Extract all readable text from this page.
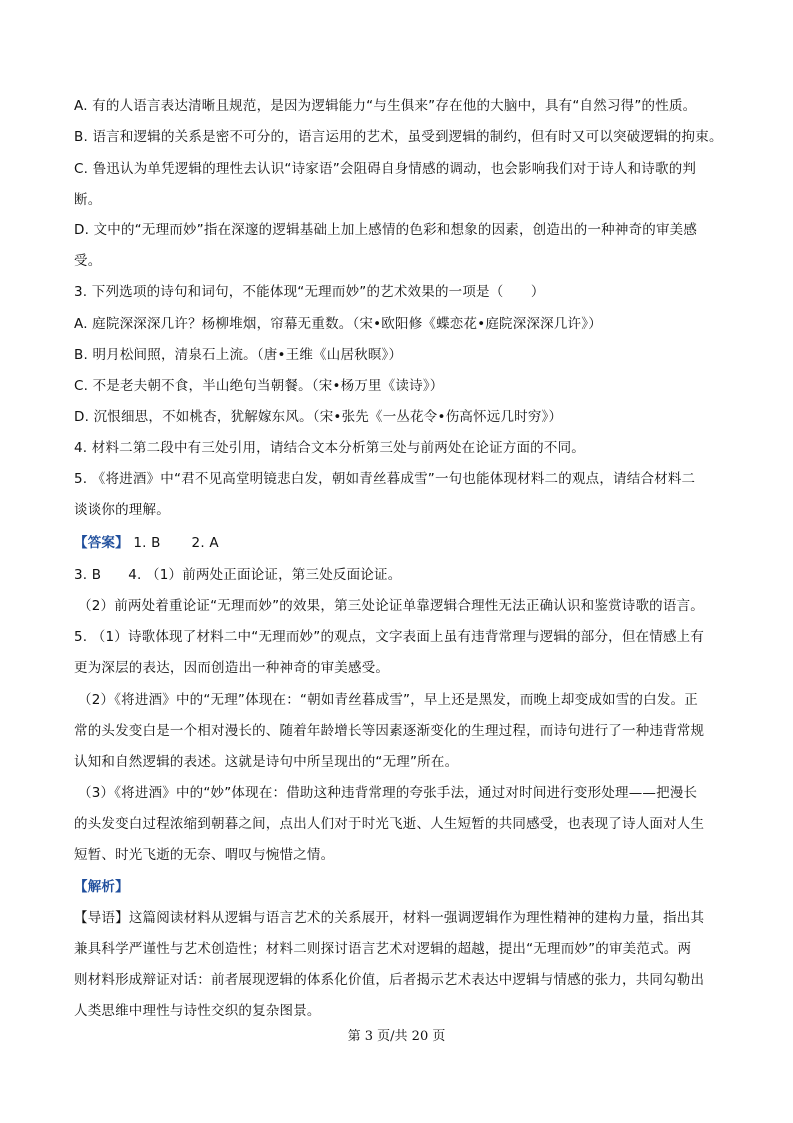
A. 有的人语言表达清晰且规范，是因为逻辑能力“与生俱来”存在他的大脑中，具有“自然习得”的性质。
B. 语言和逻辑的关系是密不可分的，语言运用的艺术，虽受到逻辑的制约，但有时又可以突破逻辑的拘束。
C. 鲁迅认为单凭逻辑的理性去认识“诗家语”会阻碍自身情感的调动，也会影响我们对于诗人和诗歌的判
断。
D. 文中的“无理而妙”指在深邃的逻辑基础上加上感情的色彩和想象的因素，创造出的一种神奇的审美感
受。
3. 下列选项的诗句和词句，不能体现“无理而妙”的艺术效果的一项是（　　）
A. 庭院深深深几许？杨柳堆烟，帘幕无重数。（宋•欧阳修《蝶恋花•庭院深深深几许》）
B. 明月松间照，清泉石上流。（唐•王维《山居秋暝》）
C. 不是老夫朝不食，半山绝句当朝餐。（宋•杨万里《读诗》）
D. 沉恨细思，不如桃杏，犹解嫁东风。（宋•张先《一丛花令•伤高怀远几时穷》）
4. 材料二第二段中有三处引用，请结合文本分析第三处与前两处在论证方面的不同。
5. 《将进酒》中“君不见高堂明镜悲白发，朝如青丝暮成雪”一句也能体现材料二的观点，请结合材料二
谈谈你的理解。
【答案】 1. B 2. A
3. B 4. （1）前两处正面论证，第三处反面论证。
（2）前两处着重论证“无理而妙”的效果，第三处论证单靠逻辑合理性无法正确认识和鉴赏诗歌的语言。
5. （1）诗歌体现了材料二中“无理而妙”的观点，文字表面上虽有违背常理与逻辑的部分，但在情感上有
更为深层的表达，因而创造出一种神奇的审美感受。
（2）《将进酒》中的“无理”体现在：“朝如青丝暮成雪”，早上还是黑发，而晚上却变成如雪的白发。正
常的头发变白是一个相对漫长的、随着年龄增长等因素逐渐变化的生理过程，而诗句进行了一种违背常规
认知和自然逻辑的表述。这就是诗句中所呈现出的“无理”所在。
（3）《将进酒》中的“妙”体现在：借助这种违背常理的夸张手法，通过对时间进行变形处理——把漫长
的头发变白过程浓缩到朝暮之间，点出人们对于时光飞逝、人生短暂的共同感受，也表现了诗人面对人生
短暂、时光飞逝的无奈、喟叹与惋惜之情。
【解析】
【导语】这篇阅读材料从逻辑与语言艺术的关系展开，材料一强调逻辑作为理性精神的建构力量，指出其
兼具科学严谨性与艺术创造性；材料二则探讨语言艺术对逻辑的超越，提出“无理而妙”的审美范式。两
则材料形成辩证对话：前者展现逻辑的体系化价值，后者揭示艺术表达中逻辑与情感的张力，共同勾勒出
人类思维中理性与诗性交织的复杂图景。
第 3 页/共 20 页
